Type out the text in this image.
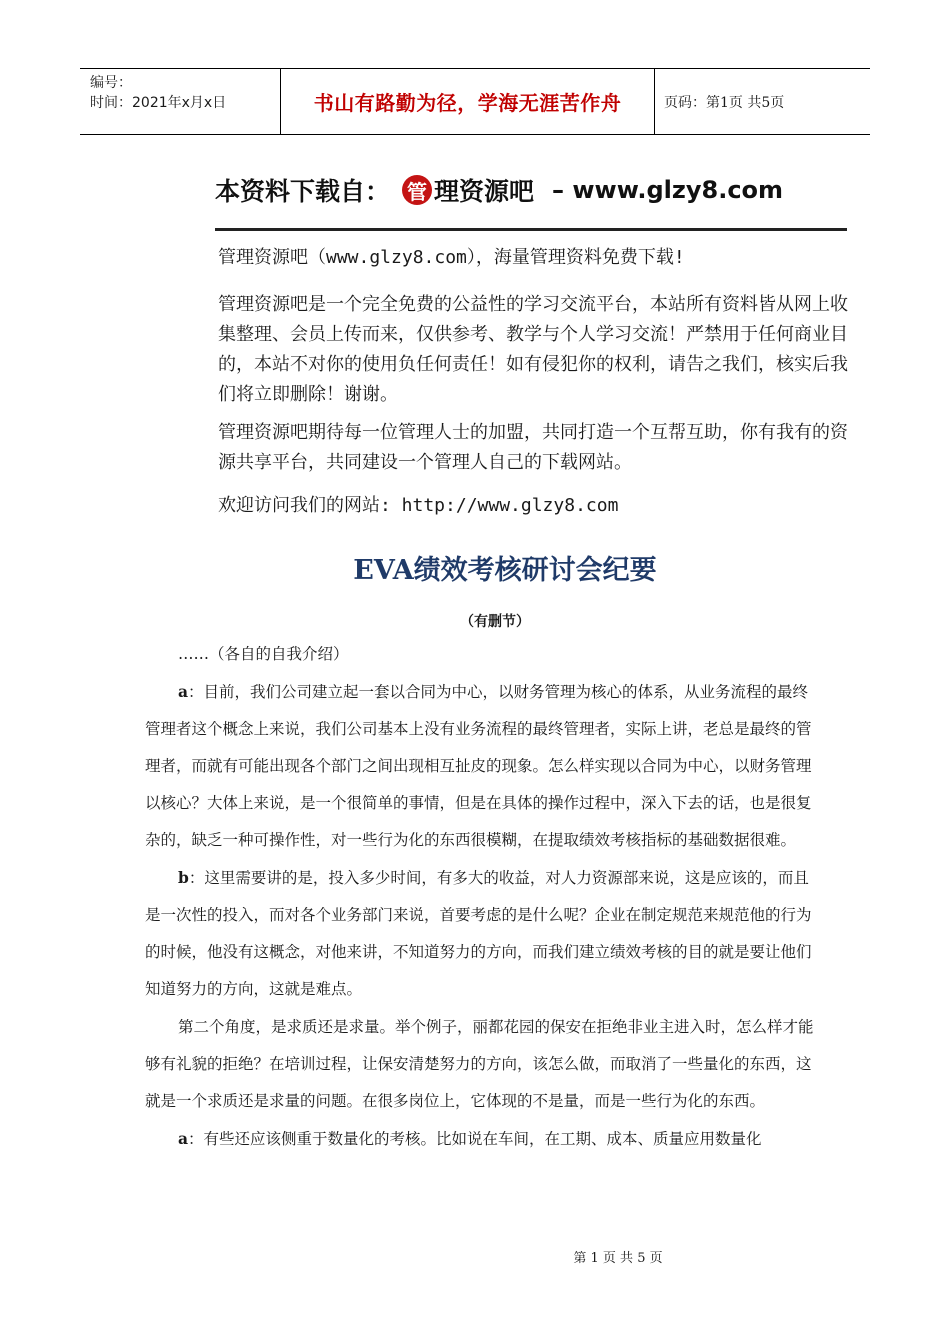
编号：
时间：2021年x月x日	书山有路勤为径，学海无涯苦作舟	页码：第1页 共5页
本资料下载自： 管 理资源吧 – www.glzy8.com

管理资源吧（www.glzy8.com），海量管理资料免费下载!

管理资源吧是一个完全免费的公益性的学习交流平台，本站所有资料皆从网上收集整理、会员上传而来，仅供参考、教学与个人学习交流！严禁用于任何商业目的，本站不对你的使用负任何责任！如有侵犯你的权利，请告之我们，核实后我们将立即删除！谢谢。

管理资源吧期待每一位管理人士的加盟，共同打造一个互帮互助，你有我有的资源共享平台，共同建设一个管理人自己的下载网站。

欢迎访问我们的网站: http://www.glzy8.com

EVA绩效考核研讨会纪要
（有删节）

……（各自的自我介绍）

a：目前，我们公司建立起一套以合同为中心，以财务管理为核心的体系，从业务流程的最终管理者这个概念上来说，我们公司基本上没有业务流程的最终管理者，实际上讲，老总是最终的管理者，而就有可能出现各个部门之间出现相互扯皮的现象。怎么样实现以合同为中心，以财务管理以核心？大体上来说，是一个很简单的事情，但是在具体的操作过程中，深入下去的话，也是很复杂的，缺乏一种可操作性，对一些行为化的东西很模糊，在提取绩效考核指标的基础数据很难。

b：这里需要讲的是，投入多少时间，有多大的收益，对人力资源部来说，这是应该的，而且是一次性的投入，而对各个业务部门来说，首要考虑的是什么呢？企业在制定规范来规范他的行为的时候，他没有这概念，对他来讲，不知道努力的方向，而我们建立绩效考核的目的就是要让他们知道努力的方向，这就是难点。

第二个角度，是求质还是求量。举个例子，丽都花园的保安在拒绝非业主进入时，怎么样才能够有礼貌的拒绝？在培训过程，让保安清楚努力的方向，该怎么做，而取消了一些量化的东西，这就是一个求质还是求量的问题。在很多岗位上，它体现的不是量，而是一些行为化的东西。

a：有些还应该侧重于数量化的考核。比如说在车间，在工期、成本、质量应用数量化

第 1 页 共 5 页
